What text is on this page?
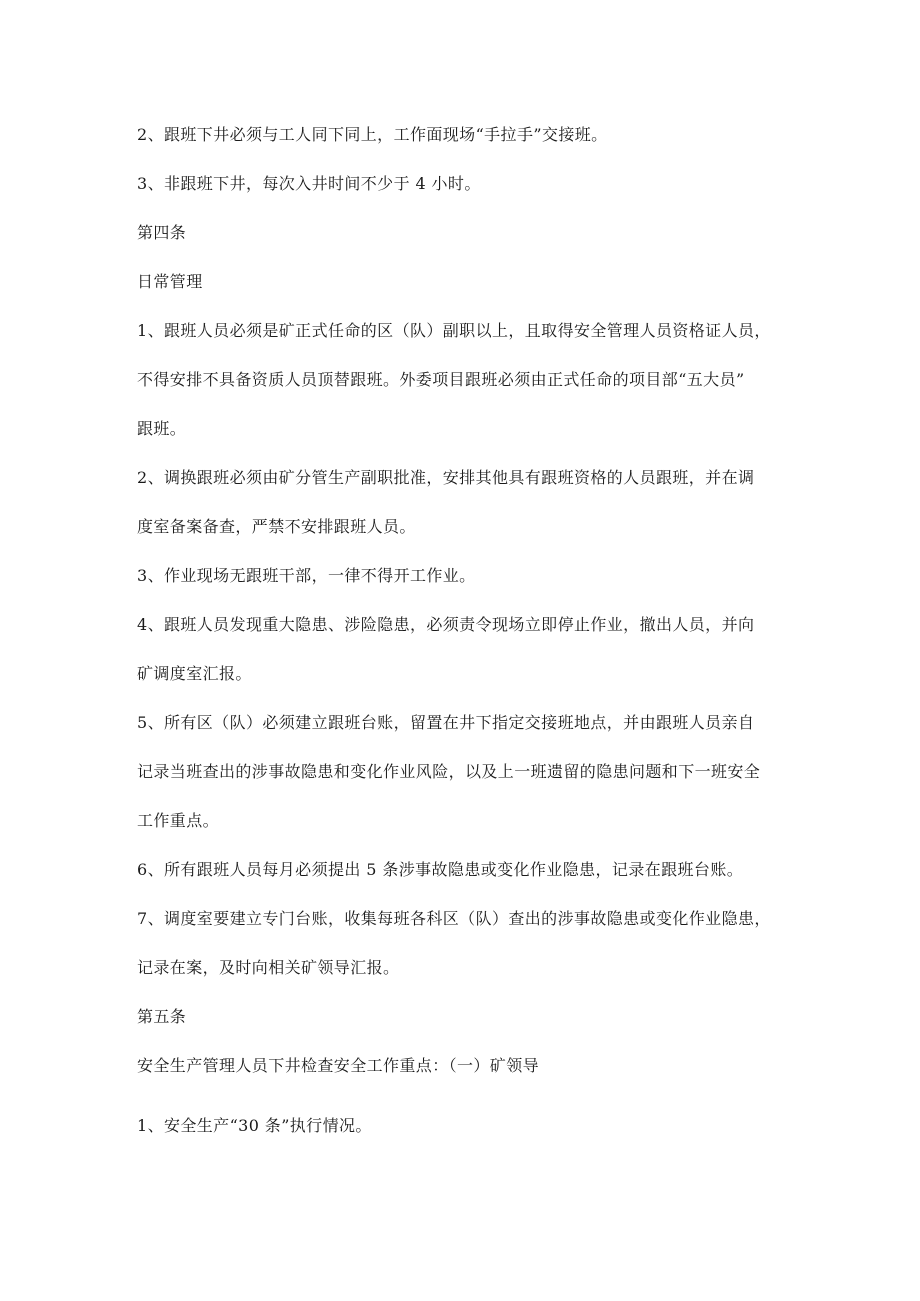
2、跟班下井必须与工人同下同上，工作面现场“手拉手”交接班。
3、非跟班下井，每次入井时间不少于 4 小时。
第四条
日常管理
1、跟班人员必须是矿正式任命的区（队）副职以上，且取得安全管理人员资格证人员，
不得安排不具备资质人员顶替跟班。外委项目跟班必须由正式任命的项目部“五大员”
跟班。
2、调换跟班必须由矿分管生产副职批准，安排其他具有跟班资格的人员跟班，并在调
度室备案备查，严禁不安排跟班人员。
3、作业现场无跟班干部，一律不得开工作业。
4、跟班人员发现重大隐患、涉险隐患，必须责令现场立即停止作业，撤出人员，并向
矿调度室汇报。
5、所有区（队）必须建立跟班台账，留置在井下指定交接班地点，并由跟班人员亲自
记录当班查出的涉事故隐患和变化作业风险，以及上一班遗留的隐患问题和下一班安全
工作重点。
6、所有跟班人员每月必须提出 5 条涉事故隐患或变化作业隐患，记录在跟班台账。
7、调度室要建立专门台账，收集每班各科区（队）查出的涉事故隐患或变化作业隐患，
记录在案，及时向相关矿领导汇报。
第五条
安全生产管理人员下井检查安全工作重点：（一）矿领导
1、安全生产“30 条”执行情况。
